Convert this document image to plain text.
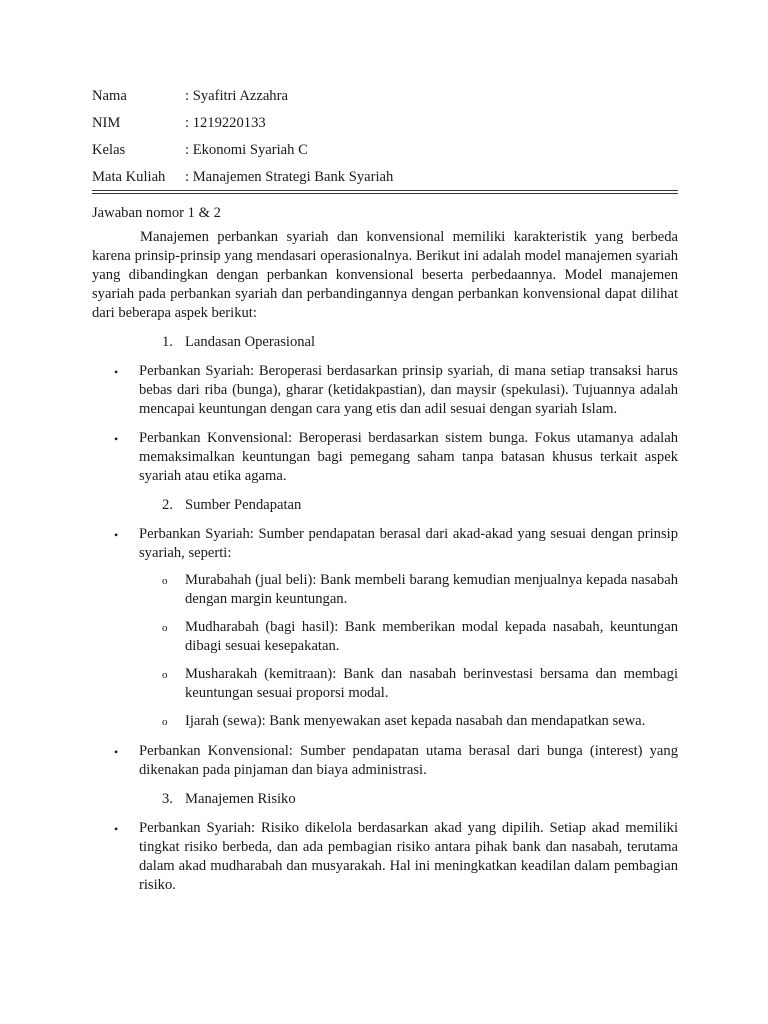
Nama	: Syafitri Azzahra
NIM	: 1219220133
Kelas	: Ekonomi Syariah C
Mata Kuliah	: Manajemen Strategi Bank Syariah

Jawaban nomor 1 & 2

Manajemen perbankan syariah dan konvensional memiliki karakteristik yang berbeda karena prinsip-prinsip yang mendasari operasionalnya. Berikut ini adalah model manajemen syariah yang dibandingkan dengan perbankan konvensional beserta perbedaannya. Model manajemen syariah pada perbankan syariah dan perbandingannya dengan perbankan konvensional dapat dilihat dari beberapa aspek berikut:

1. Landasan Operasional
•	Perbankan Syariah: Beroperasi berdasarkan prinsip syariah, di mana setiap transaksi harus bebas dari riba (bunga), gharar (ketidakpastian), dan maysir (spekulasi). Tujuannya adalah mencapai keuntungan dengan cara yang etis dan adil sesuai dengan syariah Islam.
•	Perbankan Konvensional: Beroperasi berdasarkan sistem bunga. Fokus utamanya adalah memaksimalkan keuntungan bagi pemegang saham tanpa batasan khusus terkait aspek syariah atau etika agama.
2. Sumber Pendapatan
•	Perbankan Syariah: Sumber pendapatan berasal dari akad-akad yang sesuai dengan prinsip syariah, seperti:
o	Murabahah (jual beli): Bank membeli barang kemudian menjualnya kepada nasabah dengan margin keuntungan.
o	Mudharabah (bagi hasil): Bank memberikan modal kepada nasabah, keuntungan dibagi sesuai kesepakatan.
o	Musharakah (kemitraan): Bank dan nasabah berinvestasi bersama dan membagi keuntungan sesuai proporsi modal.
o	Ijarah (sewa): Bank menyewakan aset kepada nasabah dan mendapatkan sewa.
•	Perbankan Konvensional: Sumber pendapatan utama berasal dari bunga (interest) yang dikenakan pada pinjaman dan biaya administrasi.
3. Manajemen Risiko
•	Perbankan Syariah: Risiko dikelola berdasarkan akad yang dipilih. Setiap akad memiliki tingkat risiko berbeda, dan ada pembagian risiko antara pihak bank dan nasabah, terutama dalam akad mudharabah dan musyarakah. Hal ini meningkatkan keadilan dalam pembagian risiko.
